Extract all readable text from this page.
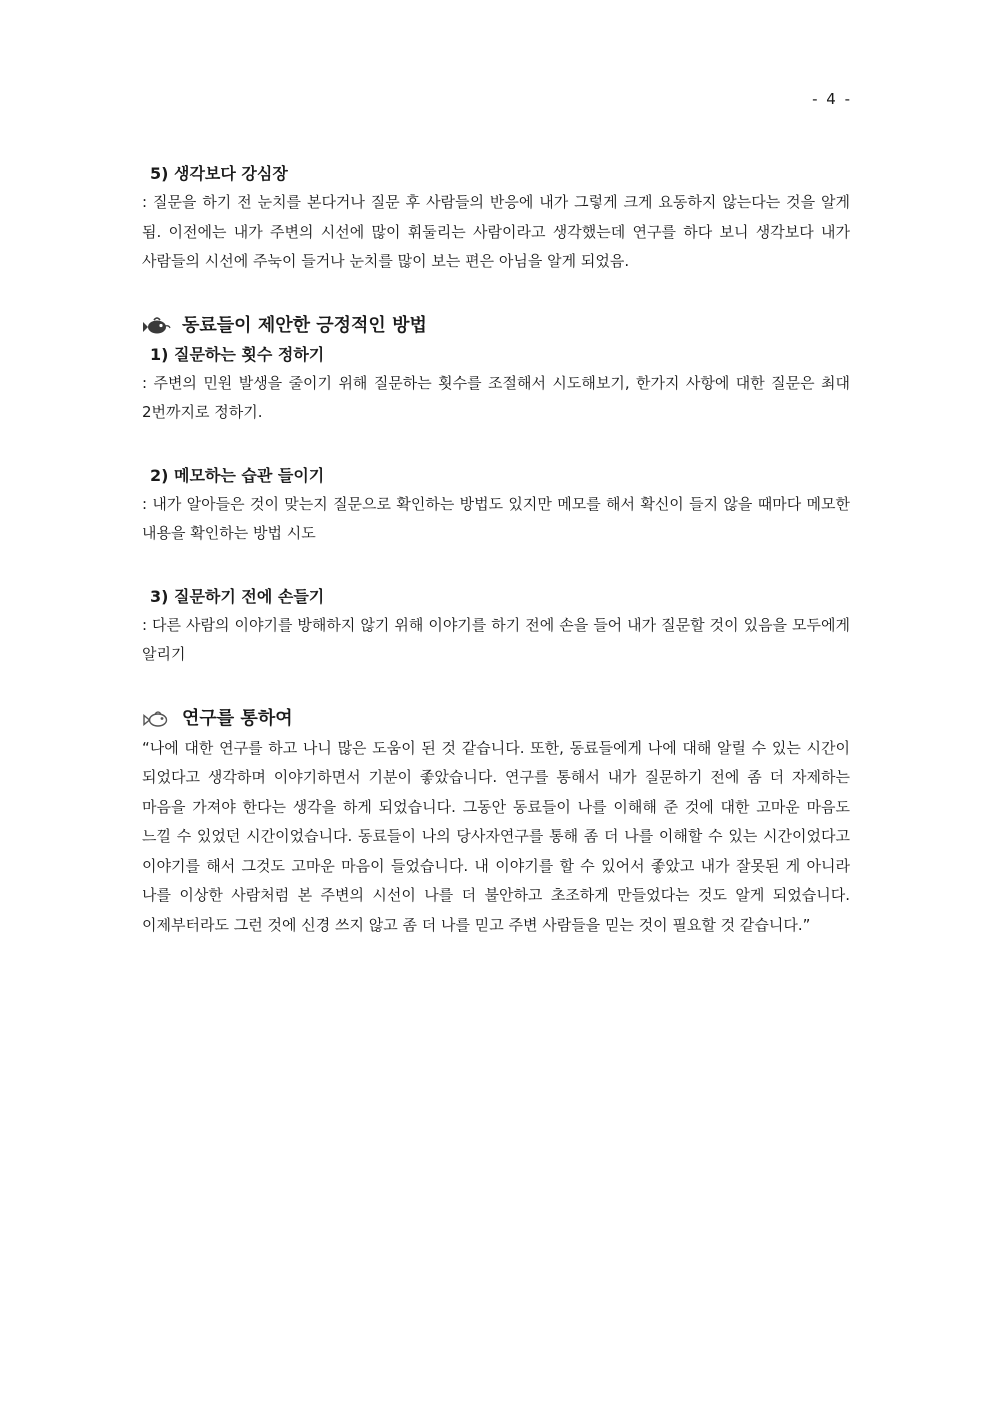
- 4 -

5) 생각보다 강심장

: 질문을 하기 전 눈치를 본다거나 질문 후 사람들의 반응에 내가 그렇게 크게 요동하지 않는다는 것을 알게 됨. 이전에는 내가 주변의 시선에 많이 휘둘리는 사람이라고 생각했는데 연구를 하다 보니 생각보다 내가 사람들의 시선에 주눅이 들거나 눈치를 많이 보는 편은 아님을 알게 되었음.

동료들이 제안한 긍정적인 방법

1) 질문하는 횟수 정하기

: 주변의 민원 발생을 줄이기 위해 질문하는 횟수를 조절해서 시도해보기, 한가지 사항에 대한 질문은 최대 2번까지로 정하기.

2) 메모하는 습관 들이기

: 내가 알아들은 것이 맞는지 질문으로 확인하는 방법도 있지만 메모를 해서 확신이 들지 않을 때마다 메모한 내용을 확인하는 방법 시도

3) 질문하기 전에 손들기

: 다른 사람의 이야기를 방해하지 않기 위해 이야기를 하기 전에 손을 들어 내가 질문할 것이 있음을 모두에게 알리기

연구를 통하여

“나에 대한 연구를 하고 나니 많은 도움이 된 것 같습니다. 또한, 동료들에게 나에 대해 알릴 수 있는 시간이 되었다고 생각하며 이야기하면서 기분이 좋았습니다. 연구를 통해서 내가 질문하기 전에 좀 더 자제하는 마음을 가져야 한다는 생각을 하게 되었습니다. 그동안 동료들이 나를 이해해 준 것에 대한 고마운 마음도 느낄 수 있었던 시간이었습니다. 동료들이 나의 당사자연구를 통해 좀 더 나를 이해할 수 있는 시간이었다고 이야기를 해서 그것도 고마운 마음이 들었습니다. 내 이야기를 할 수 있어서 좋았고 내가 잘못된 게 아니라 나를 이상한 사람처럼 본 주변의 시선이 나를 더 불안하고 초조하게 만들었다는 것도 알게 되었습니다. 이제부터라도 그런 것에 신경 쓰지 않고 좀 더 나를 믿고 주변 사람들을 믿는 것이 필요할 것 같습니다.”
